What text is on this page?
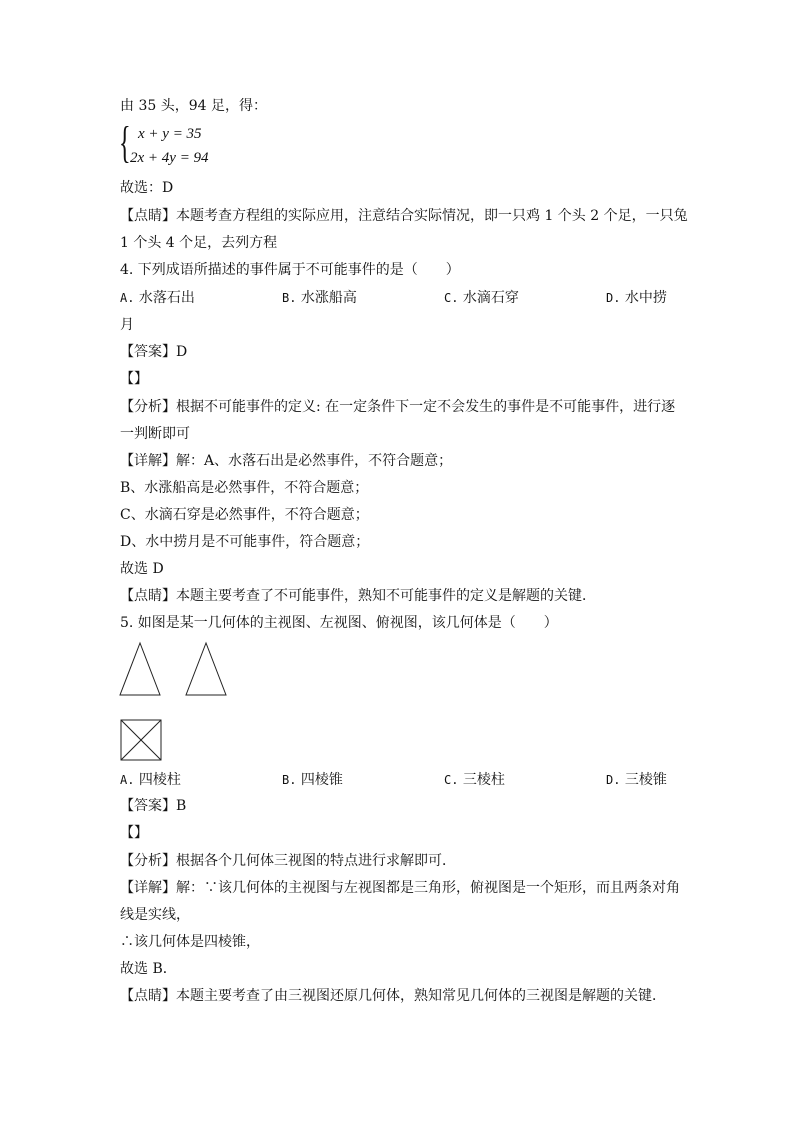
由 35 头，94 足，得：
{ x + y = 35
2x + 4y = 94
故选：D
【点睛】本题考查方程组的实际应用，注意结合实际情况，即一只鸡 1 个头 2 个足，一只兔
1 个头 4 个足，去列方程
4. 下列成语所描述的事件属于不可能事件的是（　　）
A. 水落石出	B. 水涨船高	C. 水滴石穿	D. 水中捞
月
【答案】D
【】
【分析】根据不可能事件的定义: 在一定条件下一定不会发生的事件是不可能事件，进行逐
一判断即可
【详解】解：A、水落石出是必然事件，不符合题意；
B、水涨船高是必然事件，不符合题意；
C、水滴石穿是必然事件，不符合题意；
D、水中捞月是不可能事件，符合题意；
故选 D
【点睛】本题主要考查了不可能事件，熟知不可能事件的定义是解题的关键．
5. 如图是某一几何体的主视图、左视图、俯视图，该几何体是（　　）
A. 四棱柱	B. 四棱锥	C. 三棱柱	D. 三棱锥
【答案】B
【】
【分析】根据各个几何体三视图的特点进行求解即可．
【详解】解：∵该几何体的主视图与左视图都是三角形，俯视图是一个矩形，而且两条对角
线是实线，
∴该几何体是四棱锥，
故选 B．
【点睛】本题主要考查了由三视图还原几何体，熟知常见几何体的三视图是解题的关键．
